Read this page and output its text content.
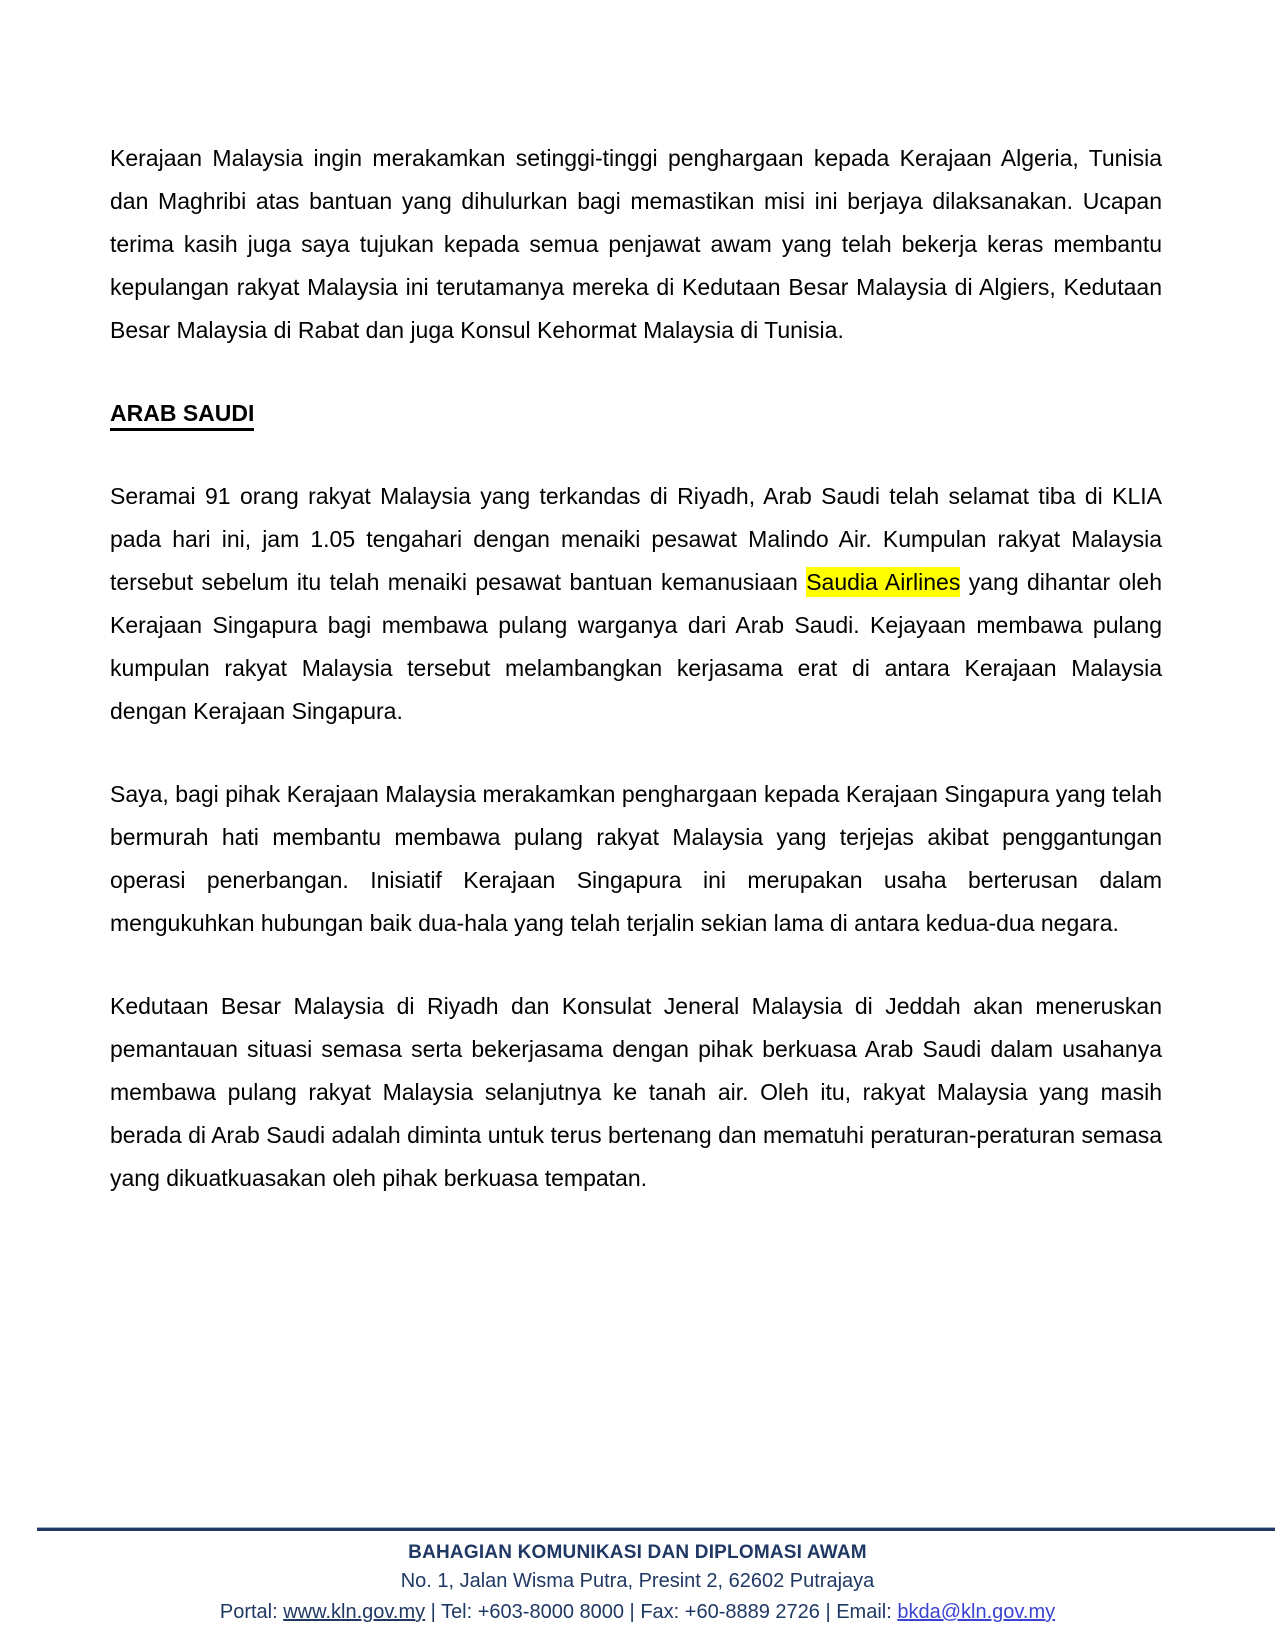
Kerajaan Malaysia ingin merakamkan setinggi-tinggi penghargaan kepada Kerajaan Algeria, Tunisia dan Maghribi atas bantuan yang dihulurkan bagi memastikan misi ini berjaya dilaksanakan. Ucapan terima kasih juga saya tujukan kepada semua penjawat awam yang telah bekerja keras membantu kepulangan rakyat Malaysia ini terutamanya mereka di Kedutaan Besar Malaysia di Algiers, Kedutaan Besar Malaysia di Rabat dan juga Konsul Kehormat Malaysia di Tunisia.

ARAB SAUDI

Seramai 91 orang rakyat Malaysia yang terkandas di Riyadh, Arab Saudi telah selamat tiba di KLIA pada hari ini, jam 1.05 tengahari dengan menaiki pesawat Malindo Air. Kumpulan rakyat Malaysia tersebut sebelum itu telah menaiki pesawat bantuan kemanusiaan Saudia Airlines yang dihantar oleh Kerajaan Singapura bagi membawa pulang warganya dari Arab Saudi. Kejayaan membawa pulang kumpulan rakyat Malaysia tersebut melambangkan kerjasama erat di antara Kerajaan Malaysia dengan Kerajaan Singapura.

Saya, bagi pihak Kerajaan Malaysia merakamkan penghargaan kepada Kerajaan Singapura yang telah bermurah hati membantu membawa pulang rakyat Malaysia yang terjejas akibat penggantungan operasi penerbangan. Inisiatif Kerajaan Singapura ini merupakan usaha berterusan dalam mengukuhkan hubungan baik dua-hala yang telah terjalin sekian lama di antara kedua-dua negara.

Kedutaan Besar Malaysia di Riyadh dan Konsulat Jeneral Malaysia di Jeddah akan meneruskan pemantauan situasi semasa serta bekerjasama dengan pihak berkuasa Arab Saudi dalam usahanya membawa pulang rakyat Malaysia selanjutnya ke tanah air. Oleh itu, rakyat Malaysia yang masih berada di Arab Saudi adalah diminta untuk terus bertenang dan mematuhi peraturan-peraturan semasa yang dikuatkuasakan oleh pihak berkuasa tempatan.

BAHAGIAN KOMUNIKASI DAN DIPLOMASI AWAM
No. 1, Jalan Wisma Putra, Presint 2, 62602 Putrajaya
Portal: www.kln.gov.my | Tel: +603-8000 8000 | Fax: +60-8889 2726 | Email: bkda@kln.gov.my
